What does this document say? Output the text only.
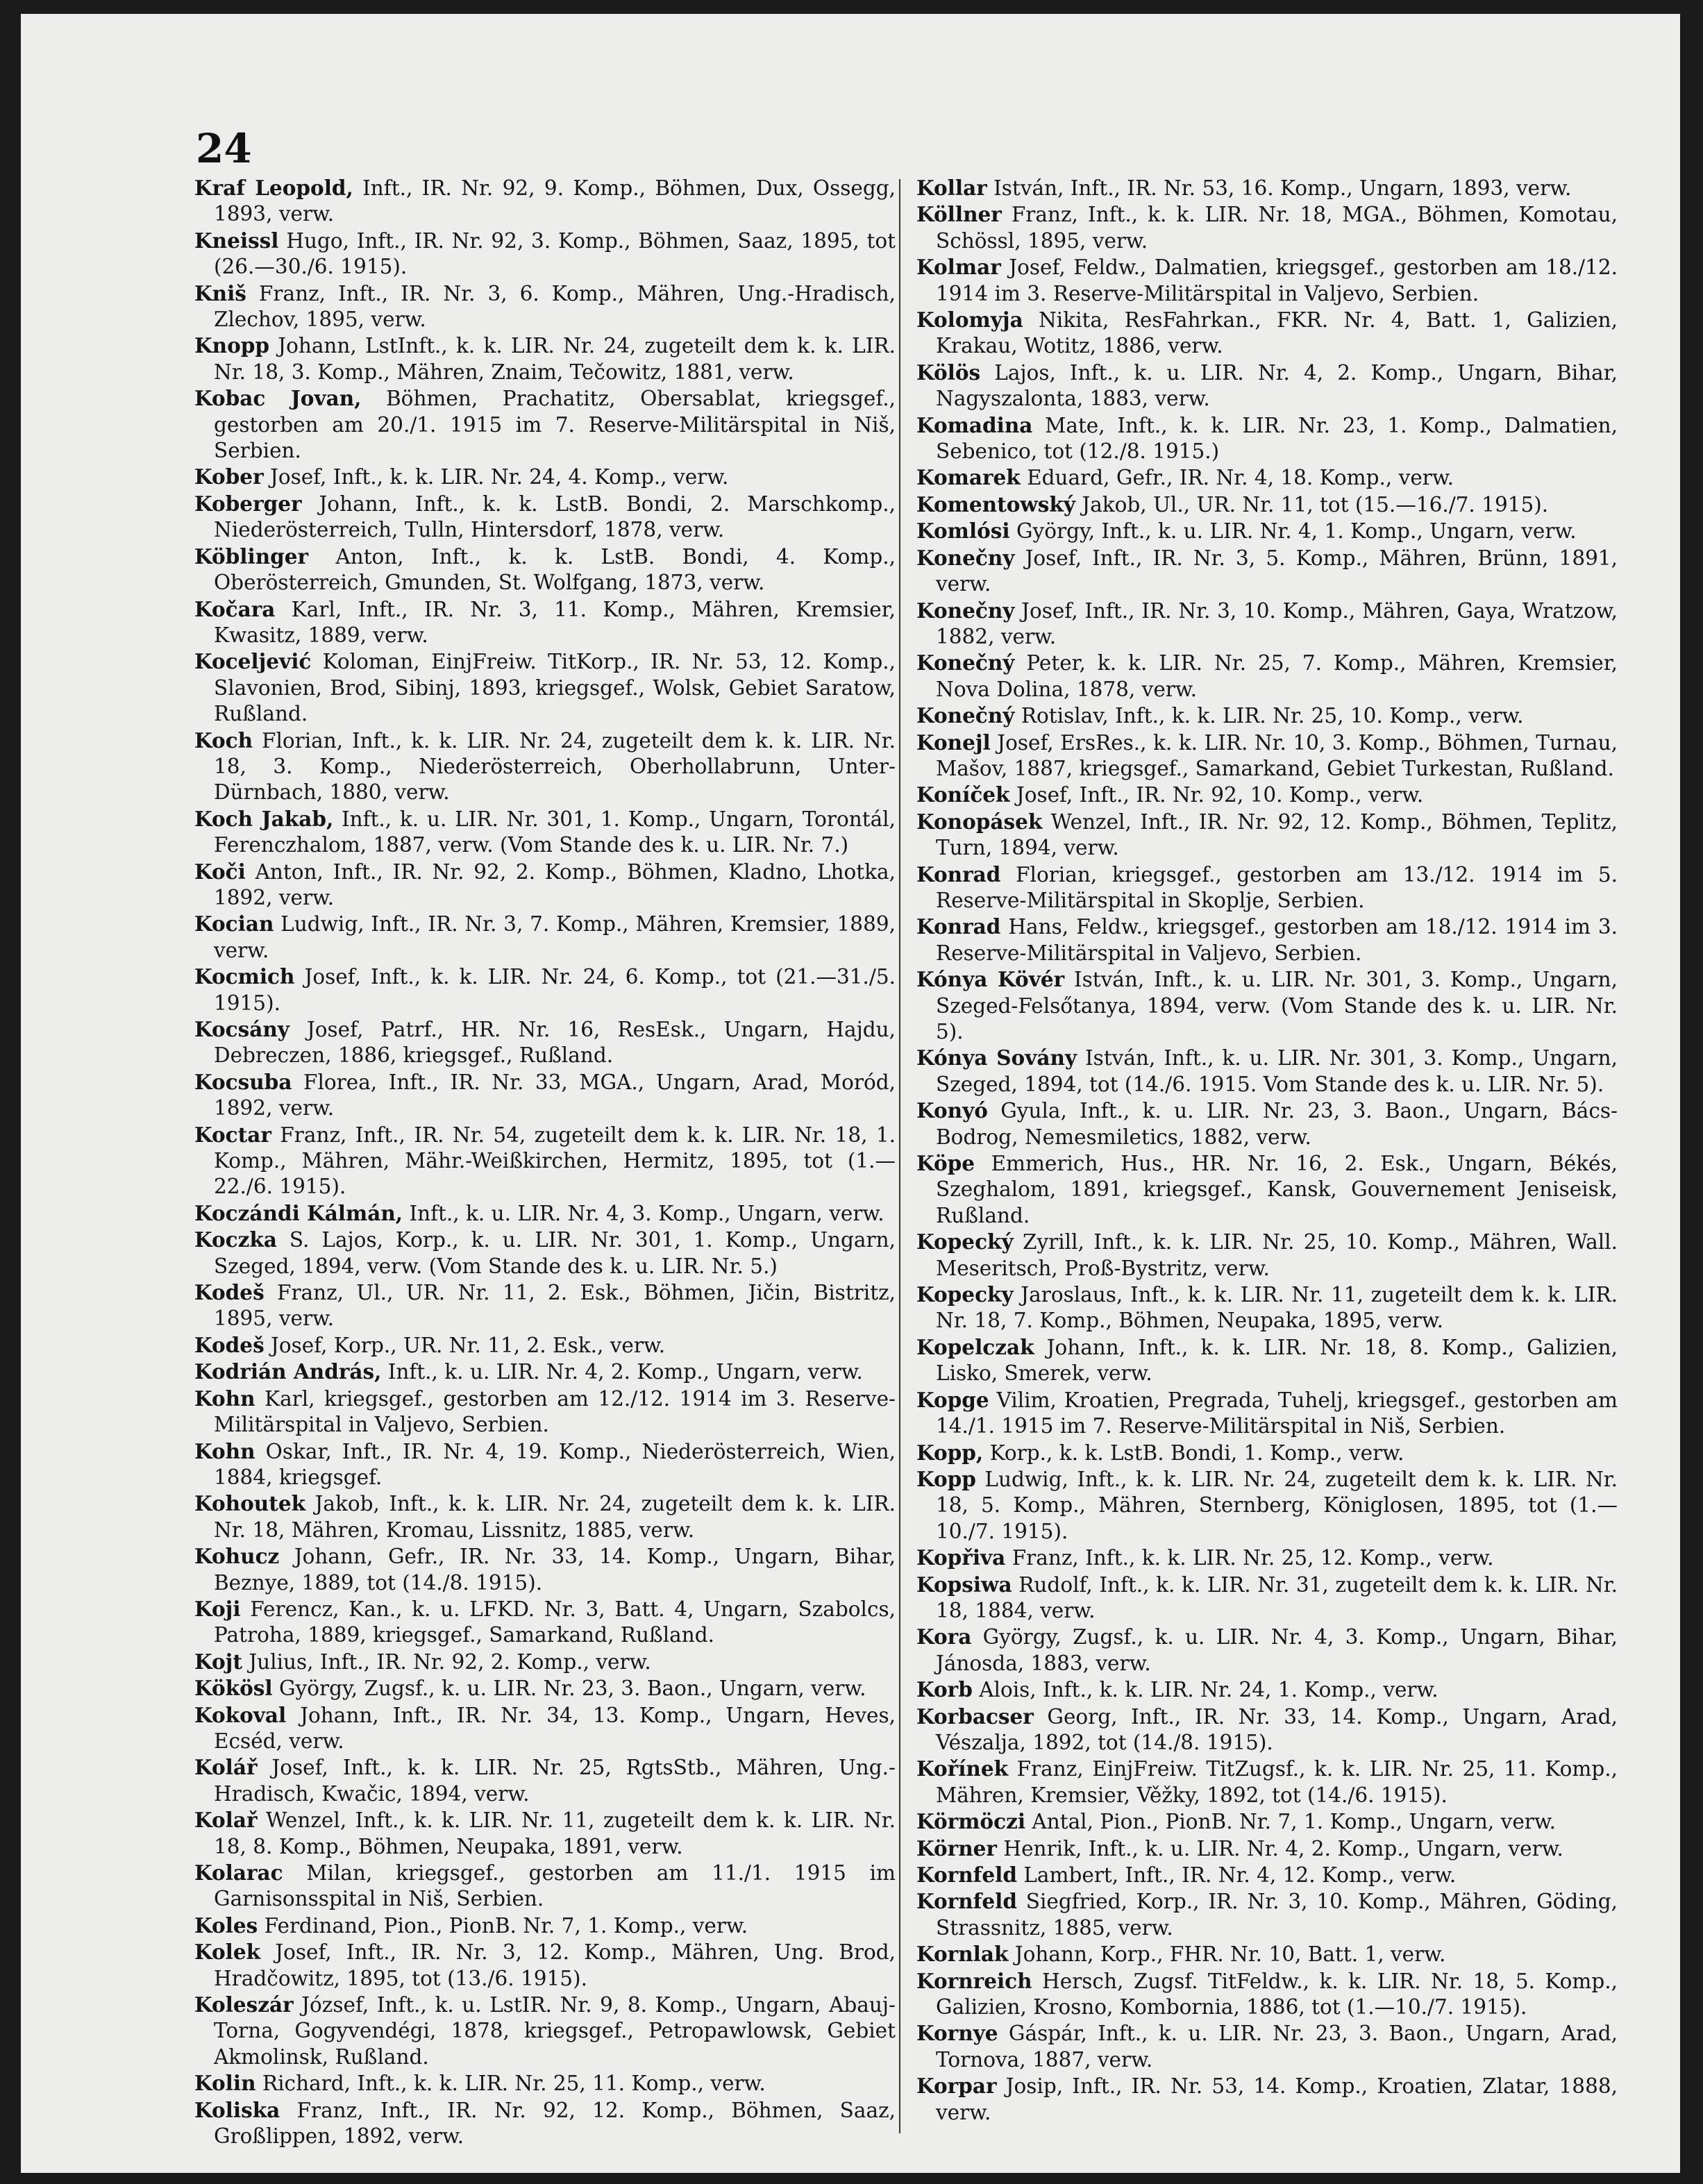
24

Kraf Leopold, Inft., IR. Nr. 92, 9. Komp., Böhmen, Dux, Ossegg, 1893, verw.

Kneissl Hugo, Inft., IR. Nr. 92, 3. Komp., Böhmen, Saaz, 1895, tot (26.—30./6. 1915).

Kniš Franz, Inft., IR. Nr. 3, 6. Komp., Mähren, Ung.-Hradisch, Zlechov, 1895, verw.

Knopp Johann, LstInft., k. k. LIR. Nr. 24, zugeteilt dem k. k. LIR. Nr. 18, 3. Komp., Mähren, Znaim, Tečowitz, 1881, verw.

Kobac Jovan, Böhmen, Prachatitz, Obersablat, kriegsgef., gestorben am 20./1. 1915 im 7. Reserve-Militärspital in Niš, Serbien.

Kober Josef, Inft., k. k. LIR. Nr. 24, 4. Komp., verw.

Koberger Johann, Inft., k. k. LstB. Bondi, 2. Marschkomp., Niederösterreich, Tulln, Hintersdorf, 1878, verw.

Köblinger Anton, Inft., k. k. LstB. Bondi, 4. Komp., Oberösterreich, Gmunden, St. Wolfgang, 1873, verw.

Kočara Karl, Inft., IR. Nr. 3, 11. Komp., Mähren, Kremsier, Kwasitz, 1889, verw.

Koceljević Koloman, EinjFreiw. TitKorp., IR. Nr. 53, 12. Komp., Slavonien, Brod, Sibinj, 1893, kriegsgef., Wolsk, Gebiet Saratow, Rußland.

Koch Florian, Inft., k. k. LIR. Nr. 24, zugeteilt dem k. k. LIR. Nr. 18, 3. Komp., Niederösterreich, Oberhollabrunn, Unter-Dürnbach, 1880, verw.

Koch Jakab, Inft., k. u. LIR. Nr. 301, 1. Komp., Ungarn, Torontál, Ferenczhalom, 1887, verw. (Vom Stande des k. u. LIR. Nr. 7.)

Koči Anton, Inft., IR. Nr. 92, 2. Komp., Böhmen, Kladno, Lhotka, 1892, verw.

Kocian Ludwig, Inft., IR. Nr. 3, 7. Komp., Mähren, Kremsier, 1889, verw.

Kocmich Josef, Inft., k. k. LIR. Nr. 24, 6. Komp., tot (21.—31./5. 1915).

Kocsány Josef, Patrf., HR. Nr. 16, ResEsk., Ungarn, Hajdu, Debreczen, 1886, kriegsgef., Rußland.

Kocsuba Florea, Inft., IR. Nr. 33, MGA., Ungarn, Arad, Moród, 1892, verw.

Koctar Franz, Inft., IR. Nr. 54, zugeteilt dem k. k. LIR. Nr. 18, 1. Komp., Mähren, Mähr.-Weißkirchen, Hermitz, 1895, tot (1.—22./6. 1915).

Koczándi Kálmán, Inft., k. u. LIR. Nr. 4, 3. Komp., Ungarn, verw.

Koczka S. Lajos, Korp., k. u. LIR. Nr. 301, 1. Komp., Ungarn, Szeged, 1894, verw. (Vom Stande des k. u. LIR. Nr. 5.)

Kodeš Franz, Ul., UR. Nr. 11, 2. Esk., Böhmen, Jičin, Bistritz, 1895, verw.

Kodeš Josef, Korp., UR. Nr. 11, 2. Esk., verw.

Kodrián András, Inft., k. u. LIR. Nr. 4, 2. Komp., Ungarn, verw.

Kohn Karl, kriegsgef., gestorben am 12./12. 1914 im 3. Reserve-Militärspital in Valjevo, Serbien.

Kohn Oskar, Inft., IR. Nr. 4, 19. Komp., Niederösterreich, Wien, 1884, kriegsgef.

Kohoutek Jakob, Inft., k. k. LIR. Nr. 24, zugeteilt dem k. k. LIR. Nr. 18, Mähren, Kromau, Lissnitz, 1885, verw.

Kohucz Johann, Gefr., IR. Nr. 33, 14. Komp., Ungarn, Bihar, Beznye, 1889, tot (14./8. 1915).

Koji Ferencz, Kan., k. u. LFKD. Nr. 3, Batt. 4, Ungarn, Szabolcs, Patroha, 1889, kriegsgef., Samarkand, Rußland.

Kojt Julius, Inft., IR. Nr. 92, 2. Komp., verw.

Kökösl György, Zugsf., k. u. LIR. Nr. 23, 3. Baon., Ungarn, verw.

Kokoval Johann, Inft., IR. Nr. 34, 13. Komp., Ungarn, Heves, Ecséd, verw.

Kolář Josef, Inft., k. k. LIR. Nr. 25, RgtsStb., Mähren, Ung.-Hradisch, Kwačic, 1894, verw.

Kolař Wenzel, Inft., k. k. LIR. Nr. 11, zugeteilt dem k. k. LIR. Nr. 18, 8. Komp., Böhmen, Neupaka, 1891, verw.

Kolarac Milan, kriegsgef., gestorben am 11./1. 1915 im Garnisonsspital in Niš, Serbien.

Koles Ferdinand, Pion., PionB. Nr. 7, 1. Komp., verw.

Kolek Josef, Inft., IR. Nr. 3, 12. Komp., Mähren, Ung. Brod, Hradčowitz, 1895, tot (13./6. 1915).

Koleszár József, Inft., k. u. LstIR. Nr. 9, 8. Komp., Ungarn, Abauj-Torna, Gogyvendégi, 1878, kriegsgef., Petropawlowsk, Gebiet Akmolinsk, Rußland.

Kolin Richard, Inft., k. k. LIR. Nr. 25, 11. Komp., verw.

Koliska Franz, Inft., IR. Nr. 92, 12. Komp., Böhmen, Saaz, Großlippen, 1892, verw.

Kollar István, Inft., IR. Nr. 53, 16. Komp., Ungarn, 1893, verw.

Köllner Franz, Inft., k. k. LIR. Nr. 18, MGA., Böhmen, Komotau, Schössl, 1895, verw.

Kolmar Josef, Feldw., Dalmatien, kriegsgef., gestorben am 18./12. 1914 im 3. Reserve-Militärspital in Valjevo, Serbien.

Kolomyja Nikita, ResFahrkan., FKR. Nr. 4, Batt. 1, Galizien, Krakau, Wotitz, 1886, verw.

Kölös Lajos, Inft., k. u. LIR. Nr. 4, 2. Komp., Ungarn, Bihar, Nagyszalonta, 1883, verw.

Komadina Mate, Inft., k. k. LIR. Nr. 23, 1. Komp., Dalmatien, Sebenico, tot (12./8. 1915.)

Komarek Eduard, Gefr., IR. Nr. 4, 18. Komp., verw.

Komentowský Jakob, Ul., UR. Nr. 11, tot (15.—16./7. 1915).

Komlósi György, Inft., k. u. LIR. Nr. 4, 1. Komp., Ungarn, verw.

Konečny Josef, Inft., IR. Nr. 3, 5. Komp., Mähren, Brünn, 1891, verw.

Konečny Josef, Inft., IR. Nr. 3, 10. Komp., Mähren, Gaya, Wratzow, 1882, verw.

Konečný Peter, k. k. LIR. Nr. 25, 7. Komp., Mähren, Kremsier, Nova Dolina, 1878, verw.

Konečný Rotislav, Inft., k. k. LIR. Nr. 25, 10. Komp., verw.

Konejl Josef, ErsRes., k. k. LIR. Nr. 10, 3. Komp., Böhmen, Turnau, Mašov, 1887, kriegsgef., Samarkand, Gebiet Turkestan, Rußland.

Koníček Josef, Inft., IR. Nr. 92, 10. Komp., verw.

Konopásek Wenzel, Inft., IR. Nr. 92, 12. Komp., Böhmen, Teplitz, Turn, 1894, verw.

Konrad Florian, kriegsgef., gestorben am 13./12. 1914 im 5. Reserve-Militärspital in Skoplje, Serbien.

Konrad Hans, Feldw., kriegsgef., gestorben am 18./12. 1914 im 3. Reserve-Militärspital in Valjevo, Serbien.

Kónya Kövér István, Inft., k. u. LIR. Nr. 301, 3. Komp., Ungarn, Szeged-Felsőtanya, 1894, verw. (Vom Stande des k. u. LIR. Nr. 5).

Kónya Sovány István, Inft., k. u. LIR. Nr. 301, 3. Komp., Ungarn, Szeged, 1894, tot (14./6. 1915. Vom Stande des k. u. LIR. Nr. 5).

Konyó Gyula, Inft., k. u. LIR. Nr. 23, 3. Baon., Ungarn, Bács-Bodrog, Nemesmiletics, 1882, verw.

Köpe Emmerich, Hus., HR. Nr. 16, 2. Esk., Ungarn, Békés, Szeghalom, 1891, kriegsgef., Kansk, Gouvernement Jeniseisk, Rußland.

Kopecký Zyrill, Inft., k. k. LIR. Nr. 25, 10. Komp., Mähren, Wall. Meseritsch, Proß-Bystritz, verw.

Kopecky Jaroslaus, Inft., k. k. LIR. Nr. 11, zugeteilt dem k. k. LIR. Nr. 18, 7. Komp., Böhmen, Neupaka, 1895, verw.

Kopelczak Johann, Inft., k. k. LIR. Nr. 18, 8. Komp., Galizien, Lisko, Smerek, verw.

Kopge Vilim, Kroatien, Pregrada, Tuhelj, kriegsgef., gestorben am 14./1. 1915 im 7. Reserve-Militärspital in Niš, Serbien.

Kopp, Korp., k. k. LstB. Bondi, 1. Komp., verw.

Kopp Ludwig, Inft., k. k. LIR. Nr. 24, zugeteilt dem k. k. LIR. Nr. 18, 5. Komp., Mähren, Sternberg, Königlosen, 1895, tot (1.—10./7. 1915).

Kopřiva Franz, Inft., k. k. LIR. Nr. 25, 12. Komp., verw.

Kopsiwa Rudolf, Inft., k. k. LIR. Nr. 31, zugeteilt dem k. k. LIR. Nr. 18, 1884, verw.

Kora György, Zugsf., k. u. LIR. Nr. 4, 3. Komp., Ungarn, Bihar, Jánosda, 1883, verw.

Korb Alois, Inft., k. k. LIR. Nr. 24, 1. Komp., verw.

Korbacser Georg, Inft., IR. Nr. 33, 14. Komp., Ungarn, Arad, Vészalja, 1892, tot (14./8. 1915).

Kořínek Franz, EinjFreiw. TitZugsf., k. k. LIR. Nr. 25, 11. Komp., Mähren, Kremsier, Věžky, 1892, tot (14./6. 1915).

Körmöczi Antal, Pion., PionB. Nr. 7, 1. Komp., Ungarn, verw.

Körner Henrik, Inft., k. u. LIR. Nr. 4, 2. Komp., Ungarn, verw.

Kornfeld Lambert, Inft., IR. Nr. 4, 12. Komp., verw.

Kornfeld Siegfried, Korp., IR. Nr. 3, 10. Komp., Mähren, Göding, Strassnitz, 1885, verw.

Kornlak Johann, Korp., FHR. Nr. 10, Batt. 1, verw.

Kornreich Hersch, Zugsf. TitFeldw., k. k. LIR. Nr. 18, 5. Komp., Galizien, Krosno, Kombornia, 1886, tot (1.—10./7. 1915).

Kornye Gáspár, Inft., k. u. LIR. Nr. 23, 3. Baon., Ungarn, Arad, Tornova, 1887, verw.

Korpar Josip, Inft., IR. Nr. 53, 14. Komp., Kroatien, Zlatar, 1888, verw.
